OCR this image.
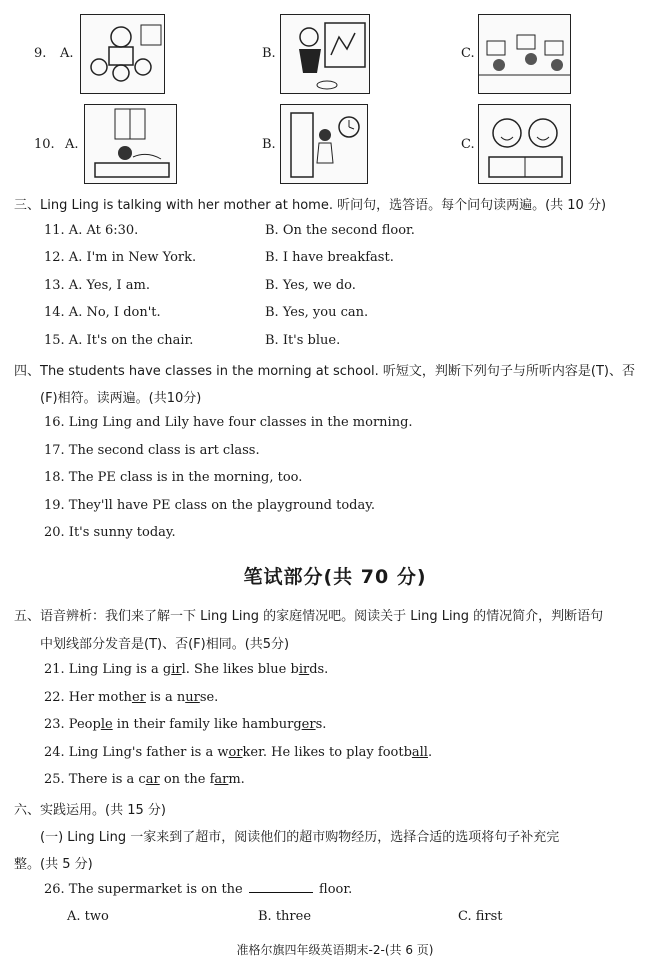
9. A.	B.	C.
10. A.	B.	C.
三、Ling Ling is talking with her mother at home. 听问句，选答语。每个问句读两遍。(共 10 分)
11. A. At 6:30.	B. On the second floor.
12. A. I'm in New York.	B. I have breakfast.
13. A. Yes, I am.	B. Yes, we do.
14. A. No, I don't.	B. Yes, you can.
15. A. It's on the chair.	B. It's blue.
四、The students have classes in the morning at school. 听短文，判断下列句子与所听内容是(T)、否
(F)相符。读两遍。(共10分)
16. Ling Ling and Lily have four classes in the morning.
17. The second class is art class.
18. The PE class is in the morning, too.
19. They'll have PE class on the playground today.
20. It's sunny today.
笔试部分(共 70 分)
五、语音辨析：我们来了解一下 Ling Ling 的家庭情况吧。阅读关于 Ling Ling 的情况简介，判断语句
中划线部分发音是(T)、否(F)相同。(共5分)
21. Ling Ling is a girl. She likes blue birds.
22. Her mother is a nurse.
23. People in their family like hamburgers.
24. Ling Ling's father is a worker. He likes to play football.
25. There is a car on the farm.
六、实践运用。(共 15 分)
(一) Ling Ling 一家来到了超市，阅读他们的超市购物经历，选择合适的选项将句子补充完
整。(共 5 分)
26. The supermarket is on the	floor.
A. two	B. three	C. first
准格尔旗四年级英语期末-2-(共 6 页)
